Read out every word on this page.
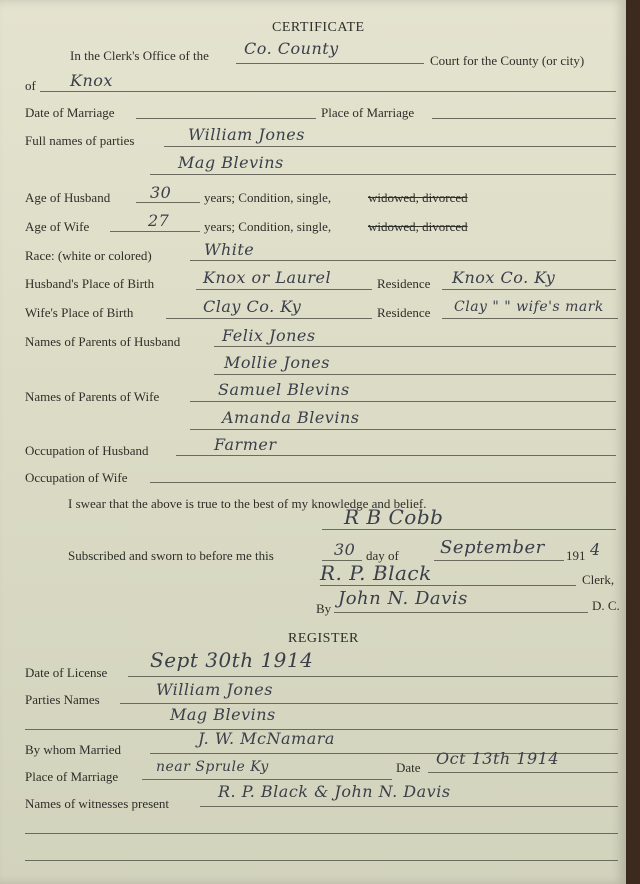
CERTIFICATE
In the Clerk's Office of the Co. County
Court for the County (or city)
of Knox
Date of Marriage	Place of Marriage
Full names of parties	William Jones
Mag Blevins
Age of Husband 30	years; Condition, single,	widowed, divorced
Age of Wife	27	years; Condition, single,	widowed, divorced
Race: (white or colored)	White
Husband's Place of Birth	Knox or Laurel	Residence Knox Co. Ky
Wife's Place of Birth	Clay Co. Ky	Residence Clay " " wife's mark
Names of Parents of Husband	Felix Jones
Mollie Jones
Names of Parents of Wife	Samuel Blevins
Amanda Blevins
Occupation of Husband	Farmer
Occupation of Wife
I swear that the above is true to the best of my knowledge and belief.
R B Cobb
Subscribed and sworn to before me this	30 day of September 191 4
R. P. Black	Clerk,
By John N. Davis	D. C.
REGISTER
Date of License
Sept 30th 1914
Parties Names
William Jones
Mag Blevins
By whom Married
J. W. McNamara
Place of Marriage
near Sprule Ky	Date Oct 13th 1914
Names of witnesses present
R. P. Black & John N. Davis
